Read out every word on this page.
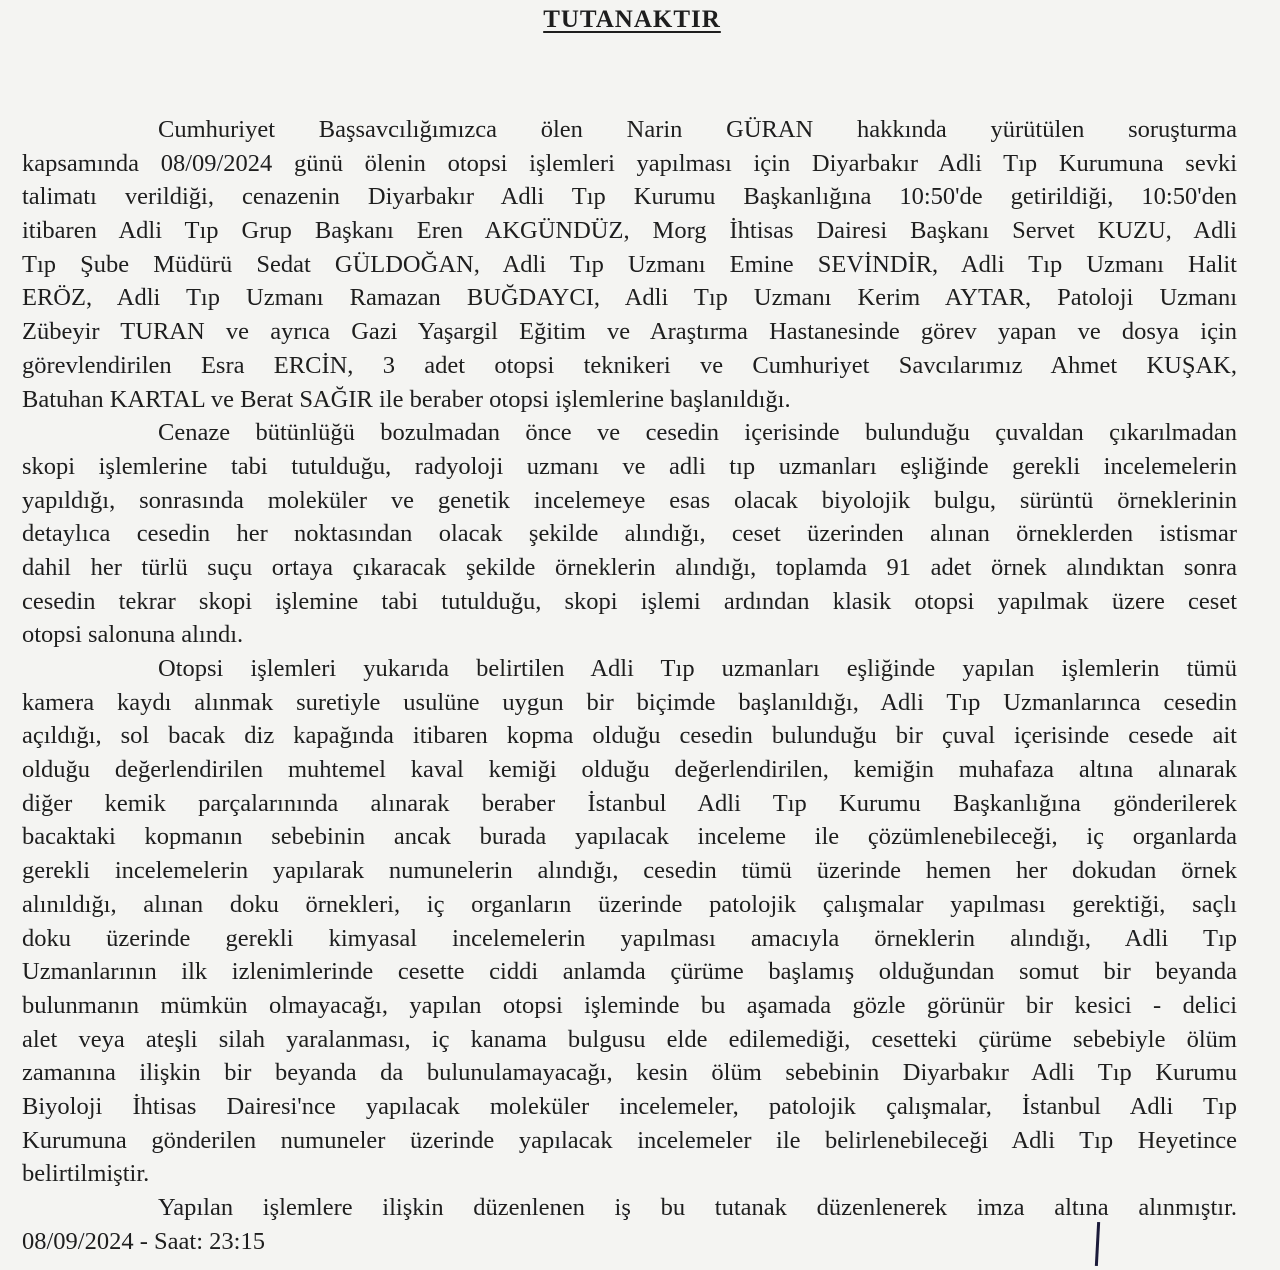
TUTANAKTIR
Cumhuriyet Başsavcılığımızca ölen Narin GÜRAN hakkında yürütülen soruşturma
kapsamında 08/09/2024 günü ölenin otopsi işlemleri yapılması için Diyarbakır Adli Tıp Kurumuna sevki
talimatı verildiği, cenazenin Diyarbakır Adli Tıp Kurumu Başkanlığına 10:50'de getirildiği, 10:50'den
itibaren Adli Tıp Grup Başkanı Eren AKGÜNDÜZ, Morg İhtisas Dairesi Başkanı Servet KUZU, Adli
Tıp Şube Müdürü Sedat GÜLDOĞAN, Adli Tıp Uzmanı Emine SEVİNDİR, Adli Tıp Uzmanı Halit
ERÖZ, Adli Tıp Uzmanı Ramazan BUĞDAYCI, Adli Tıp Uzmanı Kerim AYTAR, Patoloji Uzmanı
Zübeyir TURAN ve ayrıca Gazi Yaşargil Eğitim ve Araştırma Hastanesinde görev yapan ve dosya için
görevlendirilen Esra ERCİN, 3 adet otopsi teknikeri ve Cumhuriyet Savcılarımız Ahmet KUŞAK,
Batuhan KARTAL ve Berat SAĞIR ile beraber otopsi işlemlerine başlanıldığı.
Cenaze bütünlüğü bozulmadan önce ve cesedin içerisinde bulunduğu çuvaldan çıkarılmadan
skopi işlemlerine tabi tutulduğu, radyoloji uzmanı ve adli tıp uzmanları eşliğinde gerekli incelemelerin
yapıldığı, sonrasında moleküler ve genetik incelemeye esas olacak biyolojik bulgu, sürüntü örneklerinin
detaylıca cesedin her noktasından olacak şekilde alındığı, ceset üzerinden alınan örneklerden istismar
dahil her türlü suçu ortaya çıkaracak şekilde örneklerin alındığı, toplamda 91 adet örnek alındıktan sonra
cesedin tekrar skopi işlemine tabi tutulduğu, skopi işlemi ardından klasik otopsi yapılmak üzere ceset
otopsi salonuna alındı.
Otopsi işlemleri yukarıda belirtilen Adli Tıp uzmanları eşliğinde yapılan işlemlerin tümü
kamera kaydı alınmak suretiyle usulüne uygun bir biçimde başlanıldığı, Adli Tıp Uzmanlarınca cesedin
açıldığı, sol bacak diz kapağında itibaren kopma olduğu cesedin bulunduğu bir çuval içerisinde cesede ait
olduğu değerlendirilen muhtemel kaval kemiği olduğu değerlendirilen, kemiğin muhafaza altına alınarak
diğer kemik parçalarınında alınarak beraber İstanbul Adli Tıp Kurumu Başkanlığına gönderilerek
bacaktaki kopmanın sebebinin ancak burada yapılacak inceleme ile çözümlenebileceği, iç organlarda
gerekli incelemelerin yapılarak numunelerin alındığı, cesedin tümü üzerinde hemen her dokudan örnek
alınıldığı, alınan doku örnekleri, iç organların üzerinde patolojik çalışmalar yapılması gerektiği, saçlı
doku üzerinde gerekli kimyasal incelemelerin yapılması amacıyla örneklerin alındığı, Adli Tıp
Uzmanlarının ilk izlenimlerinde cesette ciddi anlamda çürüme başlamış olduğundan somut bir beyanda
bulunmanın mümkün olmayacağı, yapılan otopsi işleminde bu aşamada gözle görünür bir kesici - delici
alet veya ateşli silah yaralanması, iç kanama bulgusu elde edilemediği, cesetteki çürüme sebebiyle ölüm
zamanına ilişkin bir beyanda da bulunulamayacağı, kesin ölüm sebebinin Diyarbakır Adli Tıp Kurumu
Biyoloji İhtisas Dairesi'nce yapılacak moleküler incelemeler, patolojik çalışmalar, İstanbul Adli Tıp
Kurumuna gönderilen numuneler üzerinde yapılacak incelemeler ile belirlenebileceği Adli Tıp Heyetince
belirtilmiştir.
Yapılan işlemlere ilişkin düzenlenen iş bu tutanak düzenlenerek imza altına alınmıştır.
08/09/2024 - Saat: 23:15
